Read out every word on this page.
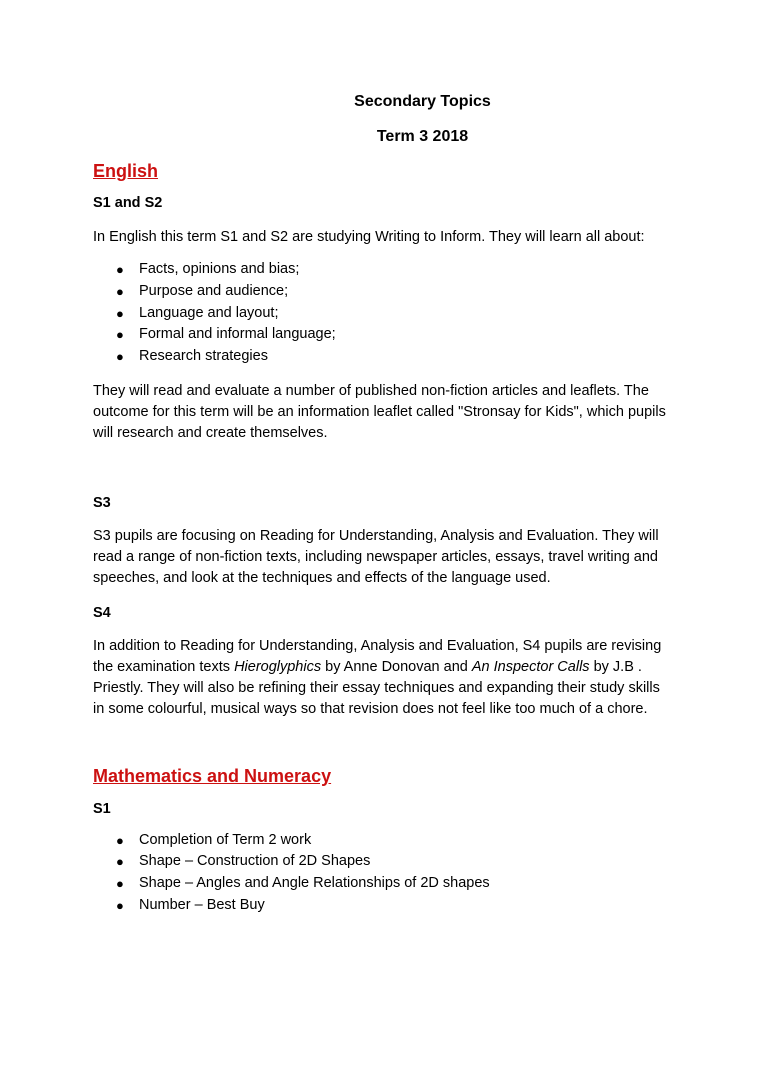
Secondary Topics
Term 3 2018
English
S1 and S2
In English this term S1 and S2 are studying Writing to Inform. They will learn all about:
● Facts, opinions and bias;
● Purpose and audience;
● Language and layout;
● Formal and informal language;
● Research strategies
They will read and evaluate a number of published non-fiction articles and leaflets. The outcome for this term will be an information leaflet called "Stronsay for Kids", which pupils will research and create themselves.
S3
S3 pupils are focusing on Reading for Understanding, Analysis and Evaluation. They will read a range of non-fiction texts, including newspaper articles, essays, travel writing and speeches, and look at the techniques and effects of the language used.
S4
In addition to Reading for Understanding, Analysis and Evaluation, S4 pupils are revising the examination texts Hieroglyphics by Anne Donovan and An Inspector Calls by J.B . Priestly. They will also be refining their essay techniques and expanding their study skills in some colourful, musical ways so that revision does not feel like too much of a chore.
Mathematics and Numeracy
S1
● Completion of Term 2 work
● Shape – Construction of 2D Shapes
● Shape – Angles and Angle Relationships of 2D shapes
● Number – Best Buy
